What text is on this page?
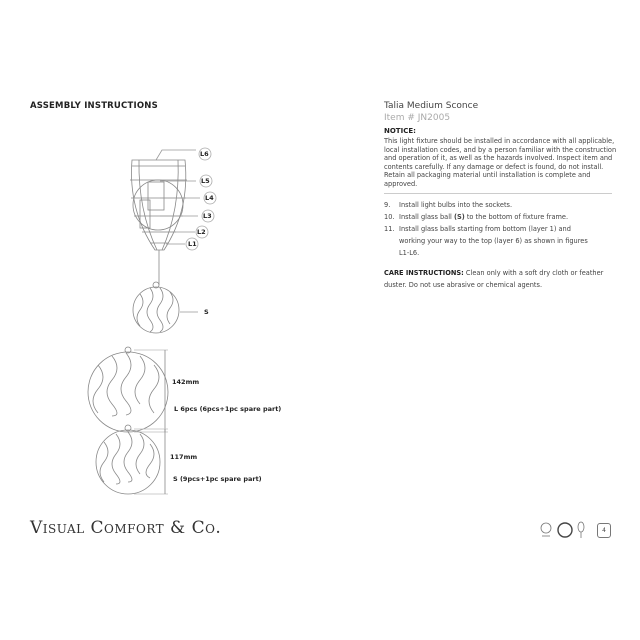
ASSEMBLY INSTRUCTIONS
L6
L5
L4
L3
L2
L1
S
142mm
L 6pcs (6pcs+1pc spare part)
117mm
S (9pcs+1pc spare part)
Talia Medium Sconce
Item # JN2005
NOTICE:
This light fixture should be installed in accordance with all applicable, local installation codes, and by a person familiar with the construction and operation of it, as well as the hazards involved. Inspect item and contents carefully. If any damage or defect is found, do not install. Retain all packaging material until installation is complete and approved.
9. Install light bulbs into the sockets.
10. Install glass ball (S) to the bottom of fixture frame.
11. Install glass balls starting from bottom (layer 1) and working your way to the top (layer 6) as shown in figures L1-L6.
CARE INSTRUCTIONS: Clean only with a soft dry cloth or feather duster. Do not use abrasive or chemical agents.
Visual Comfort & Co.	4
